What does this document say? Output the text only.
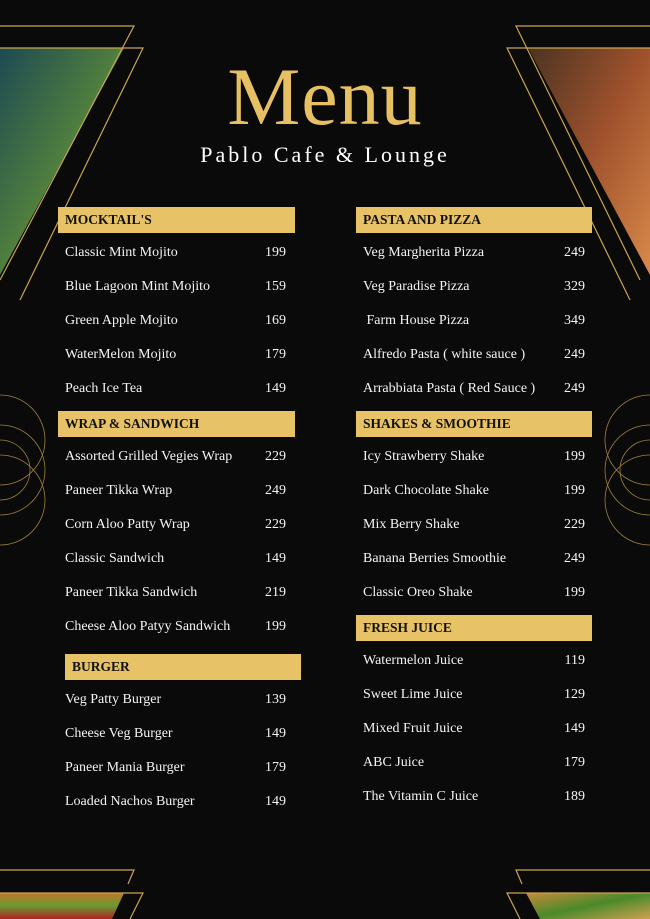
Menu
Pablo Cafe & Lounge
MOCKTAIL'S
Classic Mint Mojito	199
Blue Lagoon Mint Mojito	159
Green Apple Mojito	169
WaterMelon Mojito	179
Peach Ice Tea	149
WRAP & SANDWICH
Assorted Grilled Vegies Wrap 229
Paneer Tikka Wrap	249
Corn Aloo Patty Wrap	229
Classic Sandwich	149
Paneer Tikka Sandwich	219
Cheese Aloo Patyy Sandwich 199
BURGER
Veg Patty Burger	139
Cheese Veg Burger	149
Paneer Mania Burger	179
Loaded Nachos Burger	149
PASTA AND PIZZA
Veg Margherita Pizza	249
Veg Paradise Pizza	329
Farm House Pizza	349
Alfredo Pasta ( white sauce )	249
Arrabbiata Pasta ( Red Sauce ) 249
SHAKES & SMOOTHIE
Icy Strawberry Shake	199
Dark Chocolate Shake	199
Mix Berry Shake	229
Banana Berries Smoothie	249
Classic Oreo Shake	199
FRESH JUICE
Watermelon Juice	119
Sweet Lime Juice	129
Mixed Fruit Juice	149
ABC Juice	179
The Vitamin C Juice	189
